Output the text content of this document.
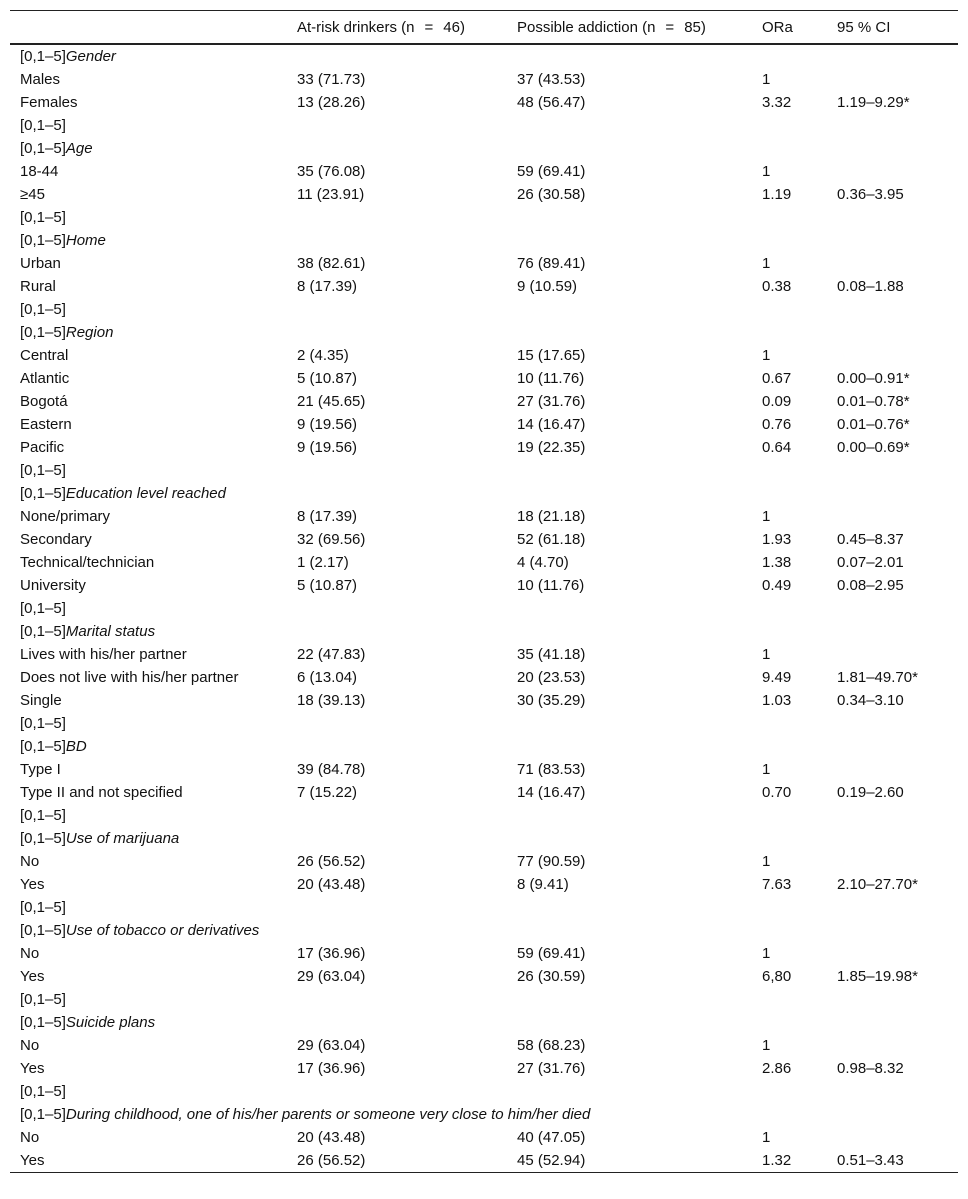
	At-risk drinkers (n = 46)	Possible addiction (n = 85)	ORa	95 % CI
[0,1–5]Gender				
Males	33 (71.73)	37 (43.53)	1	
Females	13 (28.26)	48 (56.47)	3.32	1.19–9.29*
[0,1–5]				
[0,1–5]Age				
18-44	35 (76.08)	59 (69.41)	1	
≥45	11 (23.91)	26 (30.58)	1.19	0.36–3.95
[0,1–5]				
[0,1–5]Home				
Urban	38 (82.61)	76 (89.41)	1	
Rural	8 (17.39)	9 (10.59)	0.38	0.08–1.88
[0,1–5]				
[0,1–5]Region				
Central	2 (4.35)	15 (17.65)	1	
Atlantic	5 (10.87)	10 (11.76)	0.67	0.00–0.91*
Bogotá	21 (45.65)	27 (31.76)	0.09	0.01–0.78*
Eastern	9 (19.56)	14 (16.47)	0.76	0.01–0.76*
Pacific	9 (19.56)	19 (22.35)	0.64	0.00–0.69*
[0,1–5]				
[0,1–5]Education level reached				
None/primary	8 (17.39)	18 (21.18)	1	
Secondary	32 (69.56)	52 (61.18)	1.93	0.45–8.37
Technical/technician	1 (2.17)	4 (4.70)	1.38	0.07–2.01
University	5 (10.87)	10 (11.76)	0.49	0.08–2.95
[0,1–5]				
[0,1–5]Marital status				
Lives with his/her partner	22 (47.83)	35 (41.18)	1	
Does not live with his/her partner	6 (13.04)	20 (23.53)	9.49	1.81–49.70*
Single	18 (39.13)	30 (35.29)	1.03	0.34–3.10
[0,1–5]				
[0,1–5]BD				
Type I	39 (84.78)	71 (83.53)	1	
Type II and not specified	7 (15.22)	14 (16.47)	0.70	0.19–2.60
[0,1–5]				
[0,1–5]Use of marijuana				
No	26 (56.52)	77 (90.59)	1	
Yes	20 (43.48)	8 (9.41)	7.63	2.10–27.70*
[0,1–5]				
[0,1–5]Use of tobacco or derivatives				
No	17 (36.96)	59 (69.41)	1	
Yes	29 (63.04)	26 (30.59)	6,80	1.85–19.98*
[0,1–5]				
[0,1–5]Suicide plans				
No	29 (63.04)	58 (68.23)	1	
Yes	17 (36.96)	27 (31.76)	2.86	0.98–8.32
[0,1–5]				
[0,1–5]During childhood, one of his/her parents or someone very close to him/her died				
No	20 (43.48)	40 (47.05)	1	
Yes	26 (56.52)	45 (52.94)	1.32	0.51–3.43
